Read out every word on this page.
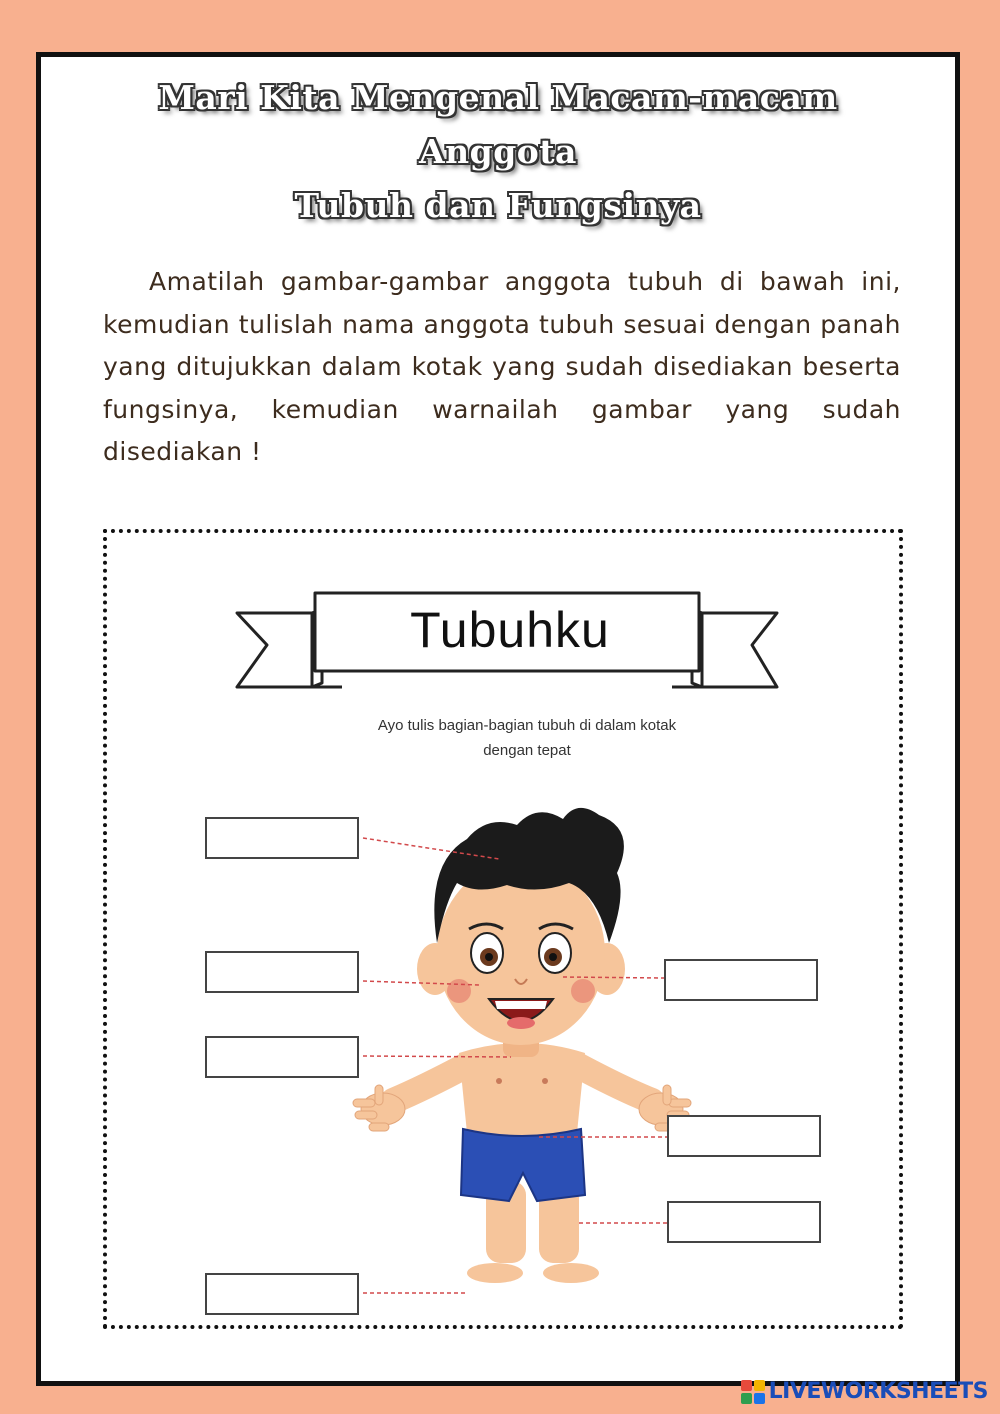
Mari Kita Mengenal Macam-macam
Anggota
Tubuh dan Fungsinya
Amatilah gambar-gambar anggota tubuh di bawah ini, kemudian tulislah nama anggota tubuh sesuai dengan panah yang ditujukkan dalam kotak yang sudah disediakan beserta fungsinya, kemudian warnailah gambar yang sudah disediakan !
Tubuhku
Ayo tulis bagian-bagian tubuh di dalam kotak
dengan tepat
LIVEWORKSHEETS
